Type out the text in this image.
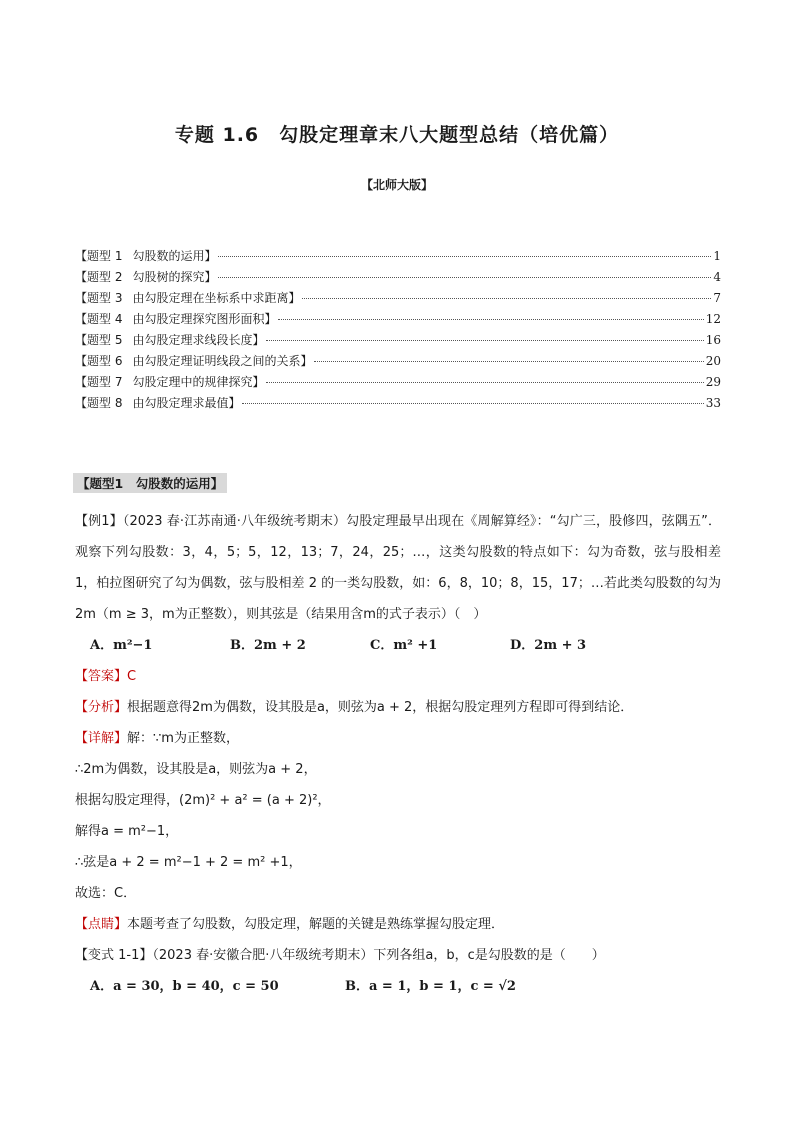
专题 1.6　勾股定理章末八大题型总结（培优篇）
【北师大版】
【题型 1 勾股数的运用】	1
【题型 2 勾股树的探究】	4
【题型 3 由勾股定理在坐标系中求距离】	7
【题型 4 由勾股定理探究图形面积】	12
【题型 5 由勾股定理求线段长度】	16
【题型 6 由勾股定理证明线段之间的关系】	20
【题型 7 勾股定理中的规律探究】	29
【题型 8 由勾股定理求最值】	33
【题型1　勾股数的运用】
【例1】（2023 春·江苏南通·八年级统考期末）勾股定理最早出现在《周解算经》：“勾广三，股修四，弦隅五”．观察下列勾股数：3，4，5；5，12，13；7，24，25；…，这类勾股数的特点如下：勾为奇数，弦与股相差 1，柏拉图研究了勾为偶数，弦与股相差 2 的一类勾股数，如：6，8，10；8，15，17；…若此类勾股数的勾为2m（m ≥ 3，m为正整数），则其弦是（结果用含m的式子表示）（　）
A．m²−1	B．2m + 2	C．m² +1	D．2m + 3
【答案】C
【分析】根据题意得2m为偶数，设其股是a，则弦为a + 2，根据勾股定理列方程即可得到结论．
【详解】解：∵m为正整数，
∴2m为偶数，设其股是a，则弦为a + 2，
根据勾股定理得，(2m)² + a² = (a + 2)²，
解得a = m²−1，
∴弦是a + 2 = m²−1 + 2 = m² +1，
故选：C．
【点睛】本题考查了勾股数，勾股定理，解题的关键是熟练掌握勾股定理．
【变式 1-1】（2023 春·安徽合肥·八年级统考期末）下列各组a，b，c是勾股数的是（　　）
A．a = 30，b = 40，c = 50	B．a = 1，b = 1，c = √2
